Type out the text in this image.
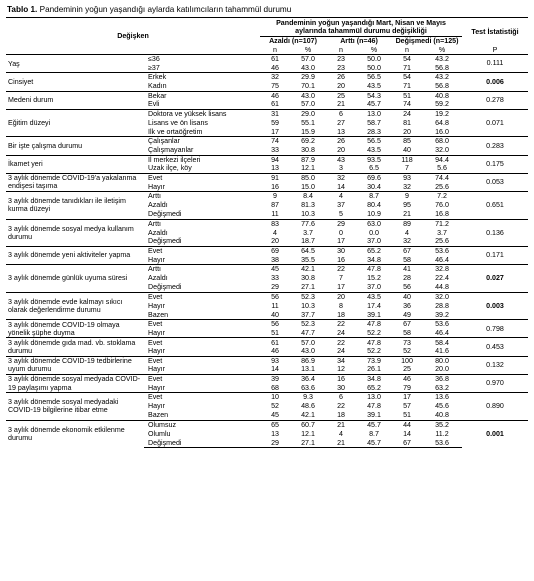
Tablo 1. Pandeminin yoğun yaşandığı aylarda katılımcıların tahammül durumu
Değişken		Pandeminin yoğun yaşandığı Mart, Nisan ve Mayıs aylarında tahammül durumu değişikliği						Test İstatistiği
		Azaldı (n=107)		Arttı (n=46)		Değişmedi (n=125)		
		n	%	n	%	n	%	P
Yaş	≤36	61	57.0	23	50.0	54	43.2	0.111
	≥37	46	43.0	23	50.0	71	56.8	
Cinsiyet	Erkek	32	29.9	26	56.5	54	43.2	0.006
	Kadın	75	70.1	20	43.5	71	56.8	
Medeni durum	Bekar	46	43.0	25	54.3	51	40.8	0.278
	Evli	61	57.0	21	45.7	74	59.2	
Eğitim düzeyi	Doktora ve yüksek lisans	31	29.0	6	13.0	24	19.2	0.071
	Lisans ve ön lisans	59	55.1	27	58.7	81	64.8	
	İlk ve ortaöğretim	17	15.9	13	28.3	20	16.0	
Bir işte çalışma durumu	Çalışanlar	74	69.2	26	56.5	85	68.0	0.283
	Çalışmayanlar	33	30.8	20	43.5	40	32.0	
İkamet yeri	İl merkezi ilçeleri	94	87.9	43	93.5	118	94.4	0.175
	Uzak ilçe, köy	13	12.1	3	6.5	7	5.6	
3 aylık dönemde COVID-19'a yakalanma endişesi taşıma	Evet	91	85.0	32	69.6	93	74.4	0.053
	Hayır	16	15.0	14	30.4	32	25.6	
3 aylık dönemde tanıdıkları ile iletişim kurma düzeyi	Arttı	9	8.4	4	8.7	9	7.2	0.651
	Azaldı	87	81.3	37	80.4	95	76.0	
	Değişmedi	11	10.3	5	10.9	21	16.8	
3 aylık dönemde sosyal medya kullanım durumu	Arttı	83	77.6	29	63.0	89	71.2	0.136
	Azaldı	4	3.7	0	0.0	4	3.7	
	Değişmedi	20	18.7	17	37.0	32	25.6	
3 aylık dönemde yeni aktiviteler yapma	Evet	69	64.5	30	65.2	67	53.6	0.171
	Hayır	38	35.5	16	34.8	58	46.4	
3 aylık dönemde günlük uyuma süresi	Arttı	45	42.1	22	47.8	41	32.8	0.027
	Azaldı	33	30.8	7	15.2	28	22.4	
	Değişmedi	29	27.1	17	37.0	56	44.8	
3 aylık dönemde evde kalmayı sıkıcı olarak değerlendirme durumu	Evet	56	52.3	20	43.5	40	32.0	0.003
	Hayır	11	10.3	8	17.4	36	28.8	
	Bazen	40	37.7	18	39.1	49	39.2	
3 aylık dönemde COVID-19 olmaya yönelik şüphe duyma	Evet	56	52.3	22	47.8	67	53.6	0.798
	Hayır	51	47.7	24	52.2	58	46.4	
3 aylık dönemde gıda mad. vb. stoklama durumu	Evet	61	57.0	22	47.8	73	58.4	0.453
	Hayır	46	43.0	24	52.2	52	41.6	
3 aylık dönemde COVID-19 tedbirlerine uyum durumu	Evet	93	86.9	34	73.9	100	80.0	0.132
	Hayır	14	13.1	12	26.1	25	20.0	
3 aylık dönemde sosyal medyada COVID-19 paylaşımı yapma	Evet	39	36.4	16	34.8	46	36.8	0.970
	Hayır	68	63.6	30	65.2	79	63.2	
3 aylık dönemde sosyal medyadaki COVID-19 bilgilerine itibar etme	Evet	10	9.3	6	13.0	17	13.6	0.890
	Hayır	52	48.6	22	47.8	57	45.6	
	Bazen	45	42.1	18	39.1	51	40.8	
3 aylık dönemde ekonomik etkilenme durumu	Olumsuz	65	60.7	21	45.7	44	35.2	0.001
	Olumlu	13	12.1	4	8.7	14	11.2	
	Değişmedi	29	27.1	21	45.7	67	53.6	
